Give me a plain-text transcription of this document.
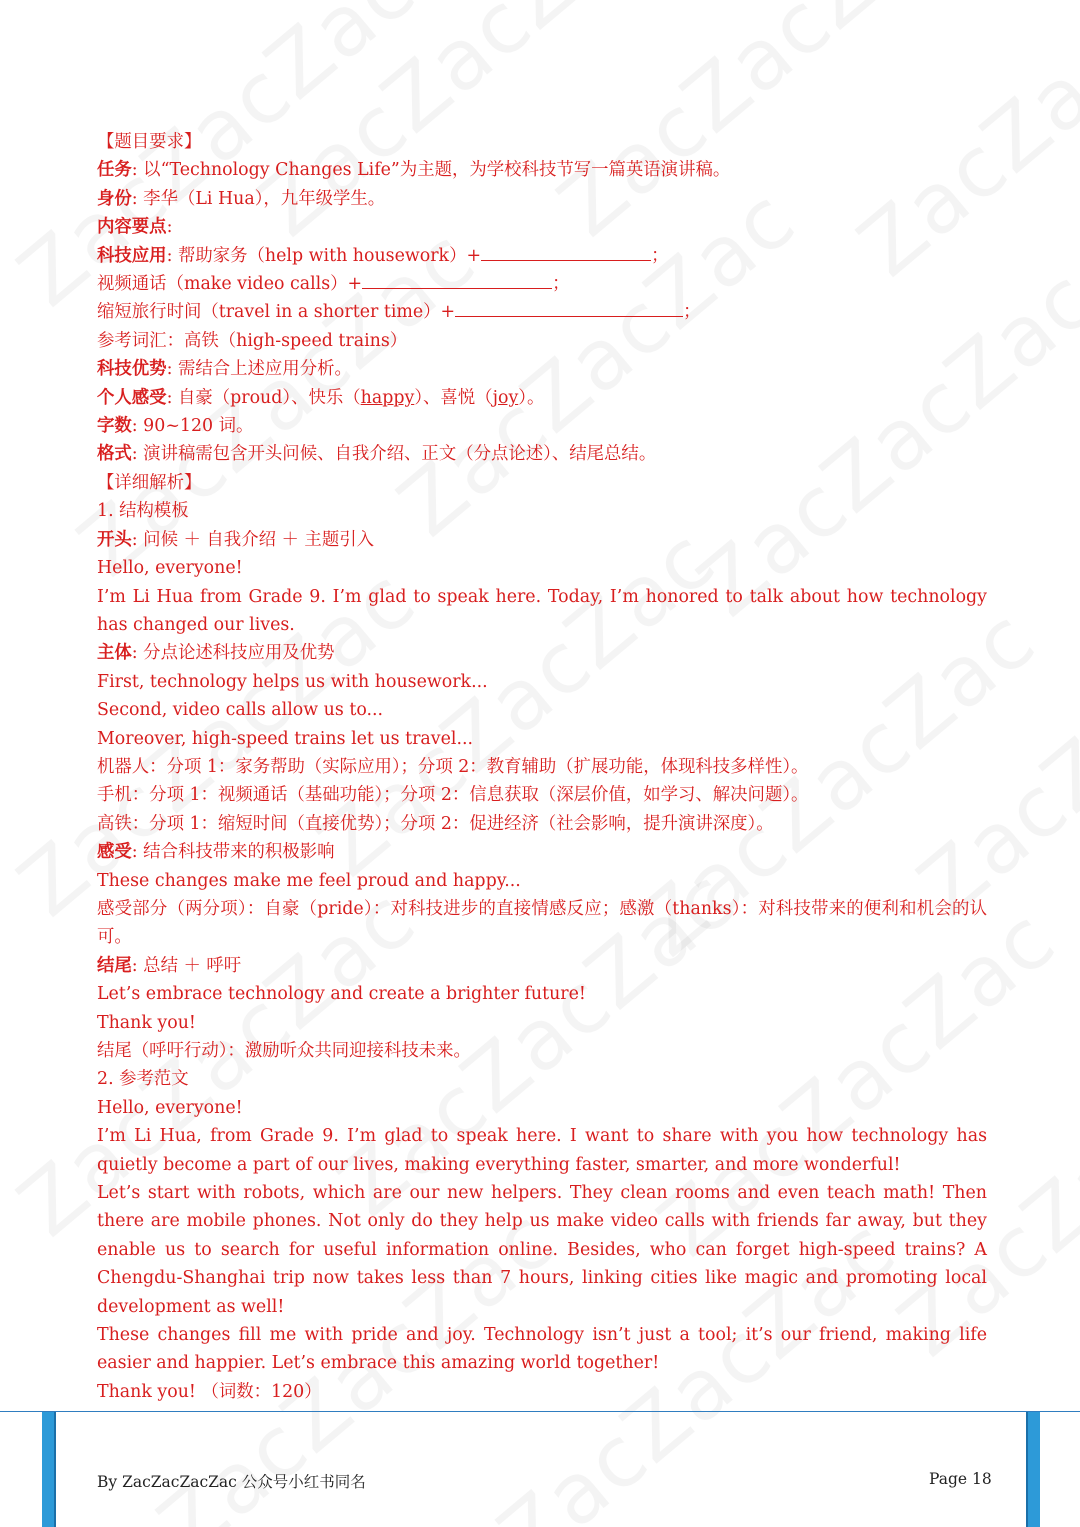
【题目要求】
任务: 以“Technology Changes Life”为主题，为学校科技节写一篇英语演讲稿。
身份: 李华（Li Hua），九年级学生。
内容要点:
科技应用: 帮助家务（help with housework）+	；
视频通话（make video calls）+	；
缩短旅行时间（travel in a shorter time）+	；
参考词汇：高铁（high-speed trains）
科技优势: 需结合上述应用分析。
个人感受: 自豪（proud）、快乐（happy）、喜悦（joy）。
字数: 90~120 词。
格式: 演讲稿需包含开头问候、自我介绍、正文（分点论述）、结尾总结。
【详细解析】
1. 结构模板
开头: 问候 ＋ 自我介绍 ＋ 主题引入
Hello, everyone!
I’m Li Hua from Grade 9. I’m glad to speak here. Today, I’m honored to talk about how technology has changed our lives.
主体: 分点论述科技应用及优势
First, technology helps us with housework...
Second, video calls allow us to...
Moreover, high-speed trains let us travel...
机器人：分项 1：家务帮助（实际应用）；分项 2：教育辅助（扩展功能，体现科技多样性）。
手机：分项 1：视频通话（基础功能）；分项 2：信息获取（深层价值，如学习、解决问题）。
高铁：分项 1：缩短时间（直接优势）；分项 2：促进经济（社会影响，提升演讲深度）。
感受: 结合科技带来的积极影响
These changes make me feel proud and happy...
感受部分（两分项）：自豪（pride）：对科技进步的直接情感反应；感激（thanks）：对科技带来的便利和机会的认可。
结尾: 总结 ＋ 呼吁
Let’s embrace technology and create a brighter future!
Thank you!
结尾（呼吁行动）：激励听众共同迎接科技未来。
2. 参考范文
Hello, everyone!
I’m Li Hua, from Grade 9. I’m glad to speak here. I want to share with you how technology has quietly become a part of our lives, making everything faster, smarter, and more wonderful!
Let’s start with robots, which are our new helpers. They clean rooms and even teach math! Then there are mobile phones. Not only do they help us make video calls with friends far away, but they enable us to search for useful information online. Besides, who can forget high-speed trains? A Chengdu-Shanghai trip now takes less than 7 hours, linking cities like magic and promoting local development as well!
These changes fill me with pride and joy. Technology isn’t just a tool; it’s our friend, making life easier and happier. Let’s embrace this amazing world together!
Thank you! （词数：120）
By ZacZacZacZac 公众号小红书同名	Page 18
